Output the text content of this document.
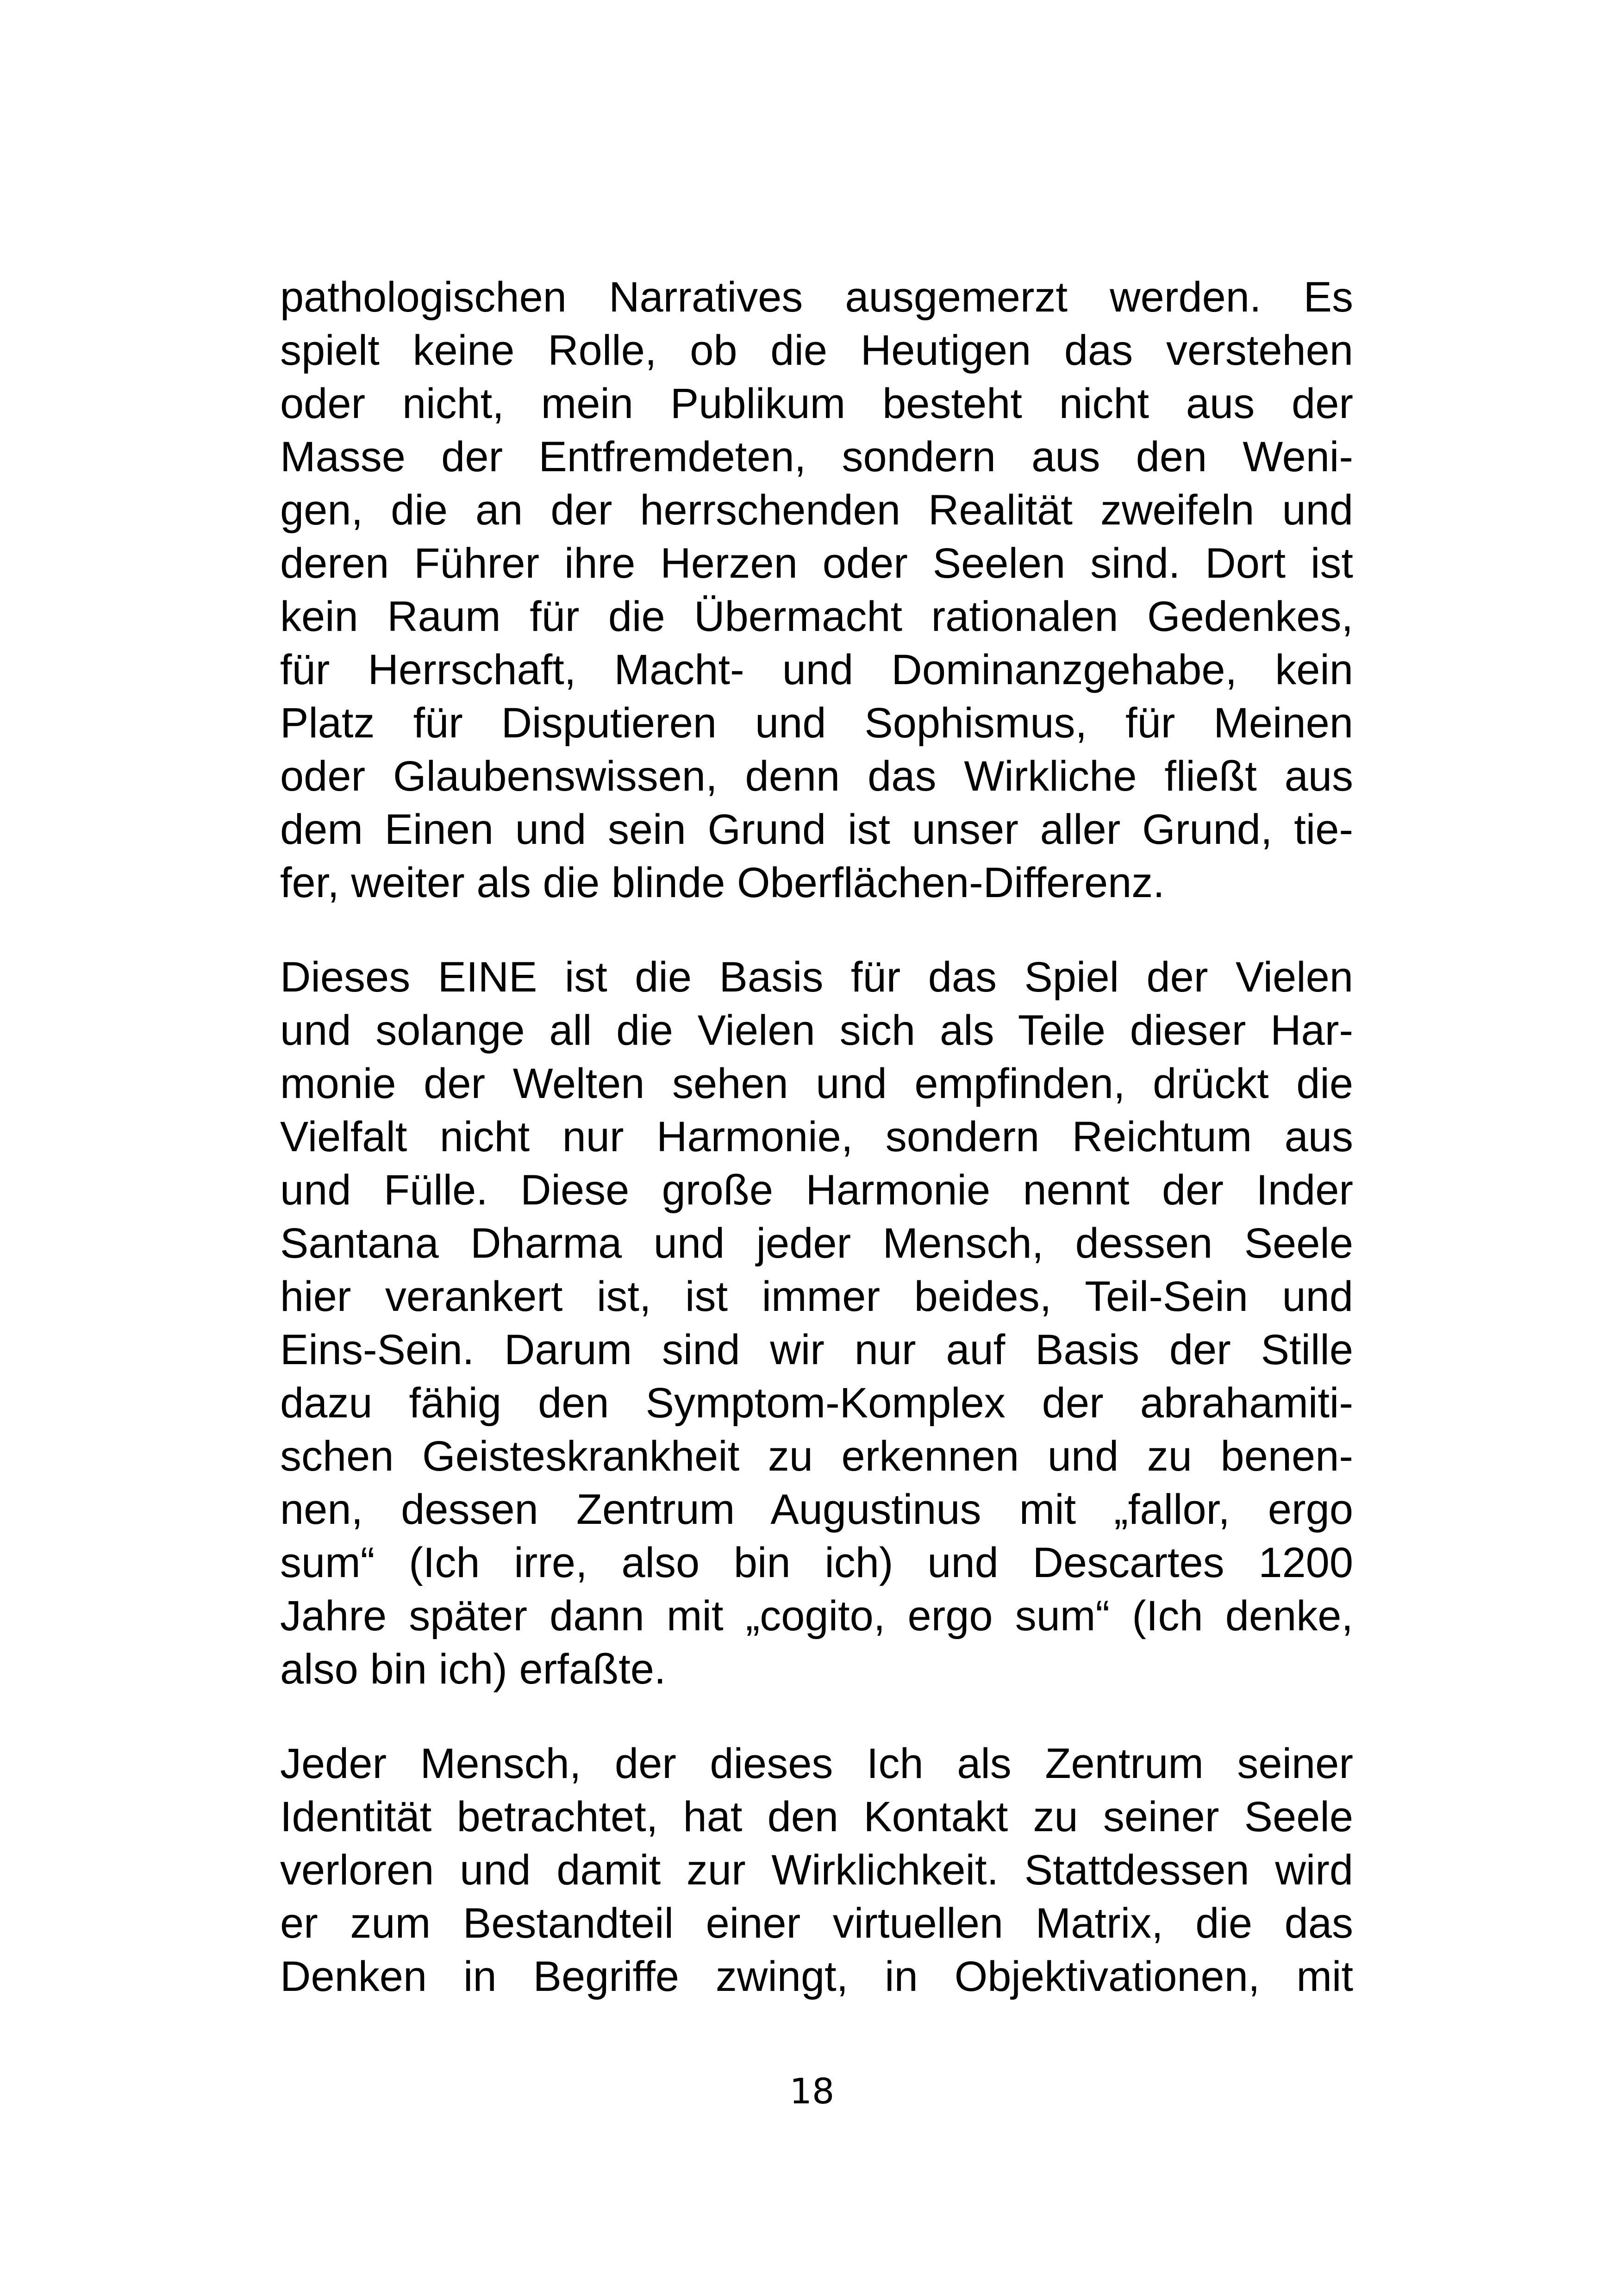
pathologischen Narratives ausgemerzt werden. Es
spielt keine Rolle, ob die Heutigen das verstehen
oder nicht, mein Publikum besteht nicht aus der
Masse der Entfremdeten, sondern aus den Weni-
gen, die an der herrschenden Realität zweifeln und
deren Führer ihre Herzen oder Seelen sind. Dort ist
kein Raum für die Übermacht rationalen Gedenkes,
für Herrschaft, Macht- und Dominanzgehabe, kein
Platz für Disputieren und Sophismus, für Meinen
oder Glaubenswissen, denn das Wirkliche fließt aus
dem Einen und sein Grund ist unser aller Grund, tie-
fer, weiter als die blinde Oberflächen-Differenz.
Dieses EINE ist die Basis für das Spiel der Vielen
und solange all die Vielen sich als Teile dieser Har-
monie der Welten sehen und empfinden, drückt die
Vielfalt nicht nur Harmonie, sondern Reichtum aus
und Fülle. Diese große Harmonie nennt der Inder
Santana Dharma und jeder Mensch, dessen Seele
hier verankert ist, ist immer beides, Teil-Sein und
Eins-Sein. Darum sind wir nur auf Basis der Stille
dazu fähig den Symptom-Komplex der abrahamiti-
schen Geisteskrankheit zu erkennen und zu benen-
nen, dessen Zentrum Augustinus mit „fallor, ergo
sum“ (Ich irre, also bin ich) und Descartes 1200
Jahre später dann mit „cogito, ergo sum“ (Ich denke,
also bin ich) erfaßte.
Jeder Mensch, der dieses Ich als Zentrum seiner
Identität betrachtet, hat den Kontakt zu seiner Seele
verloren und damit zur Wirklichkeit. Stattdessen wird
er zum Bestandteil einer virtuellen Matrix, die das
Denken in Begriffe zwingt, in Objektivationen, mit
18
